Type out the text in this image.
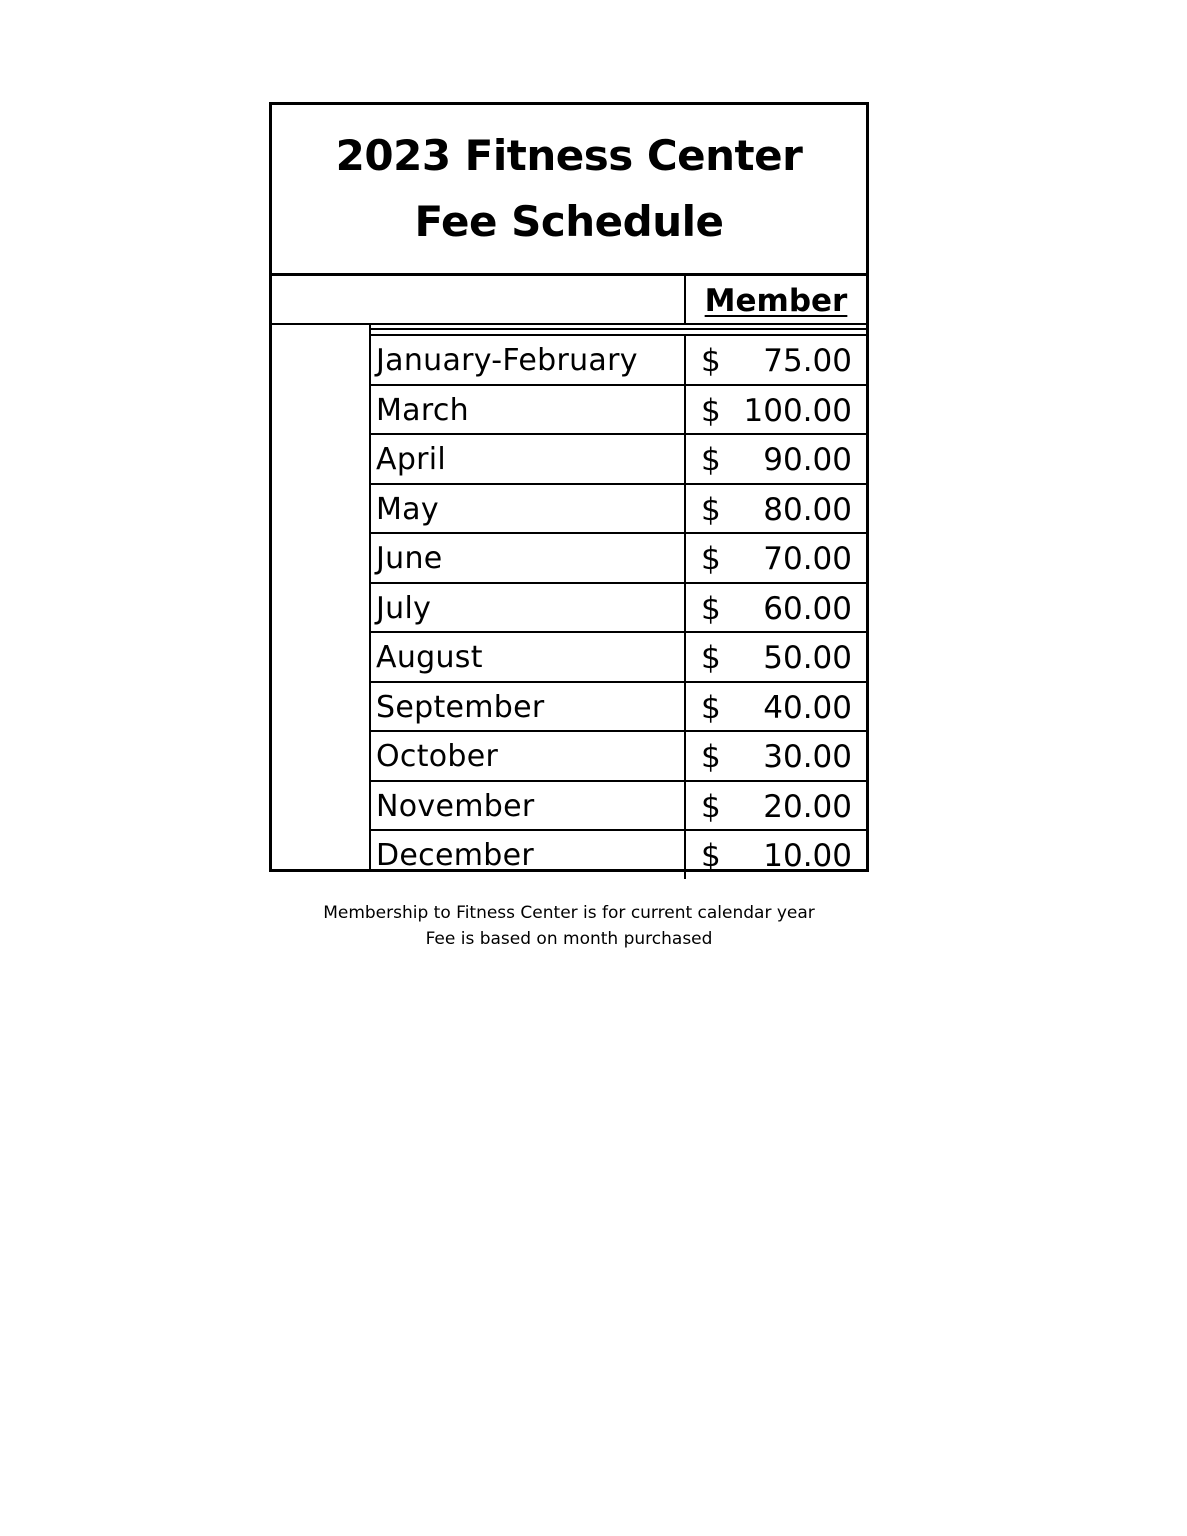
2023 Fitness Center
Fee Schedule
Member
January-February $ 75.00
March	$ 100.00
April	$ 90.00
May	$ 80.00
June	$ 70.00
July	$ 60.00
August	$ 50.00
September	$ 40.00
October	$ 30.00
November	$ 20.00
December	$ 10.00
Membership to Fitness Center is for current calendar year
Fee is based on month purchased
